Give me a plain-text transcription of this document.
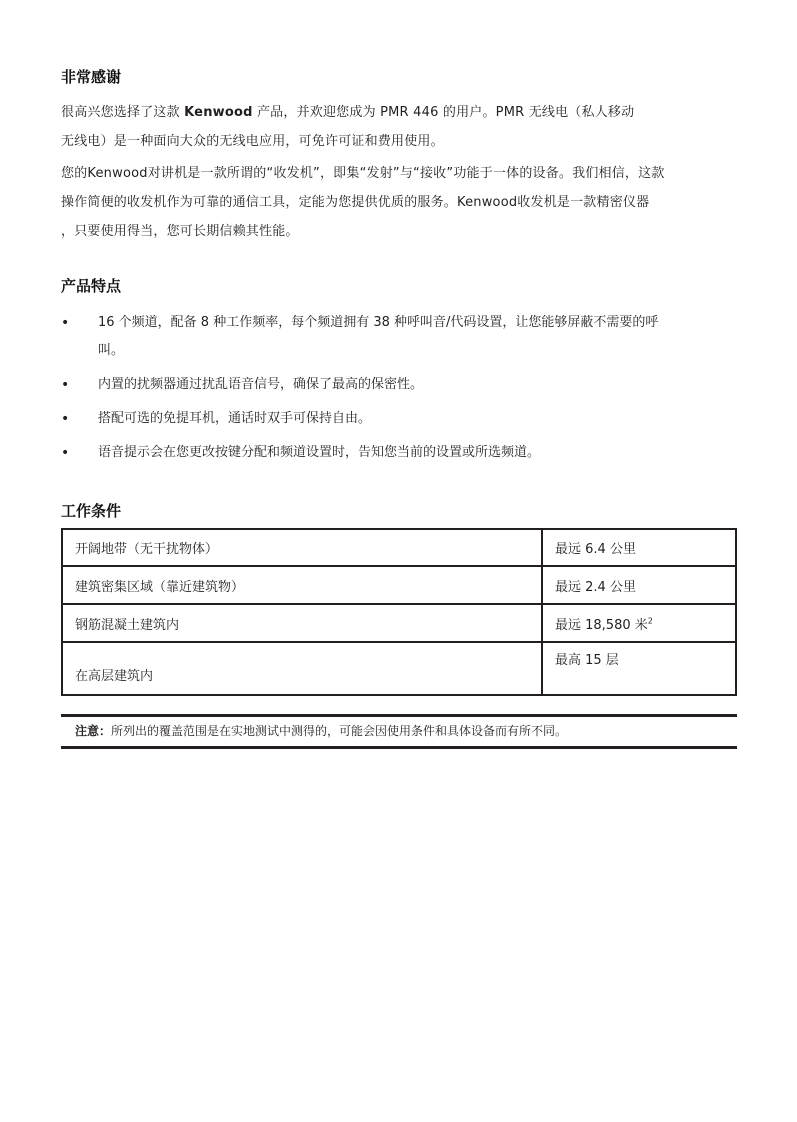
非常感谢

很高兴您选择了这款 Kenwood 产品，并欢迎您成为 PMR 446 的用户。PMR 无线电（私人移动
无线电）是一种面向大众的无线电应用，可免许可证和费用使用。

您的Kenwood对讲机是一款所谓的“收发机”，即集“发射”与“接收”功能于一体的设备。我们相信，这款
操作简便的收发机作为可靠的通信工具，定能为您提供优质的服务。Kenwood收发机是一款精密仪器
，只要使用得当，您可长期信赖其性能。

产品特点
• 16 个频道，配备 8 种工作频率，每个频道拥有 38 种呼叫音/代码设置，让您能够屏蔽不需要的呼
叫。
• 内置的扰频器通过扰乱语音信号，确保了最高的保密性。
• 搭配可选的免提耳机，通话时双手可保持自由。
• 语音提示会在您更改按键分配和频道设置时，告知您当前的设置或所选频道。
工作条件
开阔地带（无干扰物体）	最远 6.4 公里
建筑密集区域（靠近建筑物）	最远 2.4 公里
钢筋混凝土建筑内	最远 18,580 米$^2$
在高层建筑内	最高 15 层
注意：所列出的覆盖范围是在实地测试中测得的，可能会因使用条件和具体设备而有所不同。
